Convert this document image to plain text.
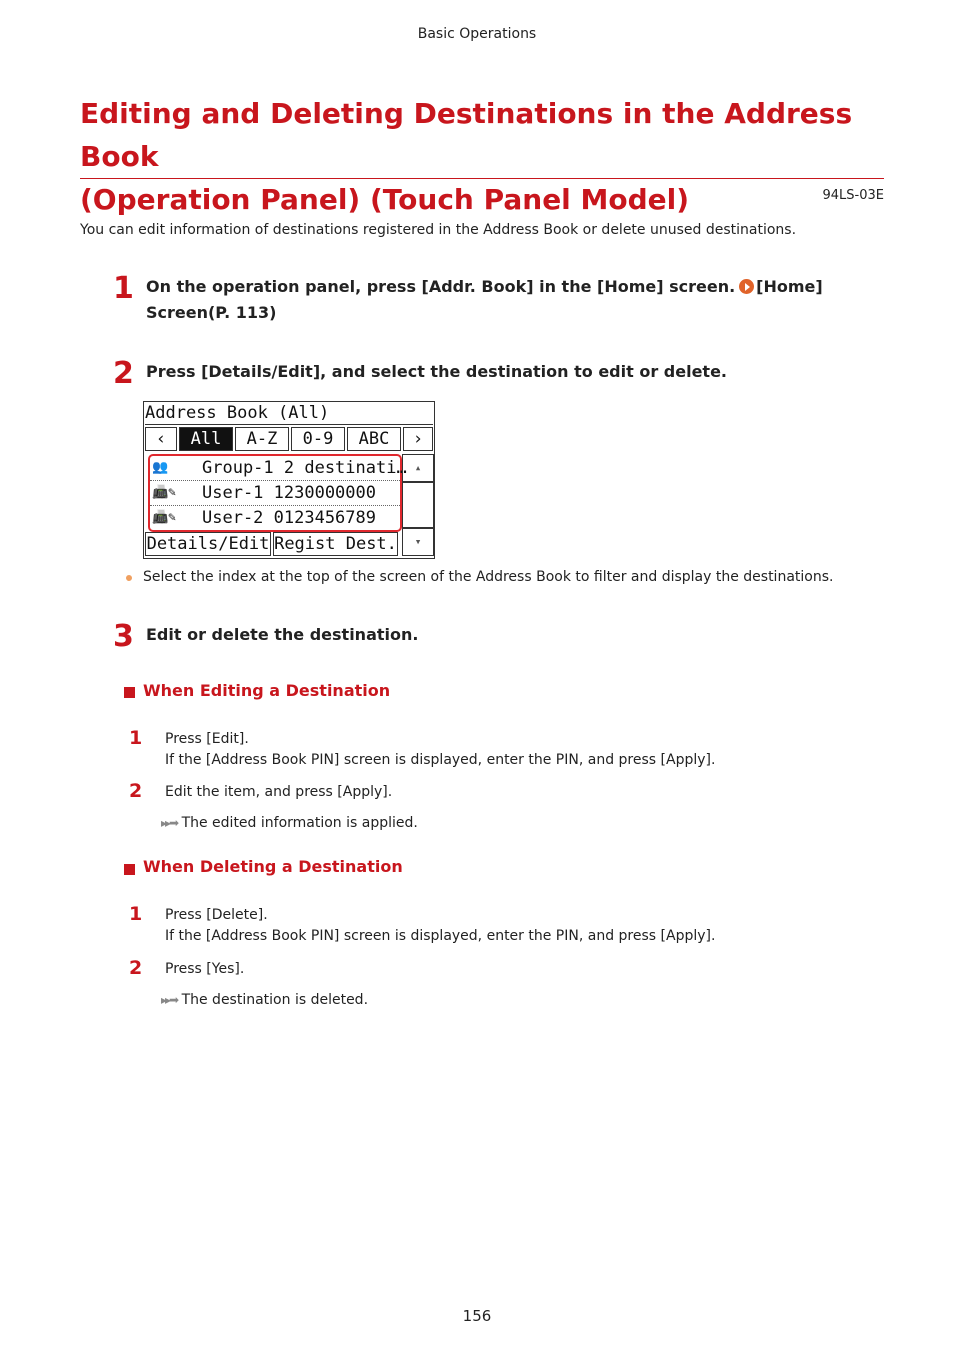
Basic Operations
Editing and Deleting Destinations in the Address Book
(Operation Panel) (Touch Panel Model)	94LS-03E
You can edit information of destinations registered in the Address Book or delete unused destinations.
1 On the operation panel, press [Addr. Book] in the [Home] screen. [Home]
Screen(P. 113)
2 Press [Details/Edit], and select the destination to edit or delete.
Address Book (All)
‹	All	A-Z	0-9	ABC	›
👥	Group-1 2 destinati…
📠✎	User-1 1230000000
📠✎	User-2 0123456789
▴
Details/Edit Regist Dest.	▾
Select the index at the top of the screen of the Address Book to filter and display the destinations.
3 Edit or delete the destination.
When Editing a Destination
1 Press [Edit].
If the [Address Book PIN] screen is displayed, enter the PIN, and press [Apply].
2 Edit the item, and press [Apply].
▸▸➡ The edited information is applied.
When Deleting a Destination
1 Press [Delete].
If the [Address Book PIN] screen is displayed, enter the PIN, and press [Apply].
2 Press [Yes].
▸▸➡ The destination is deleted.
156
